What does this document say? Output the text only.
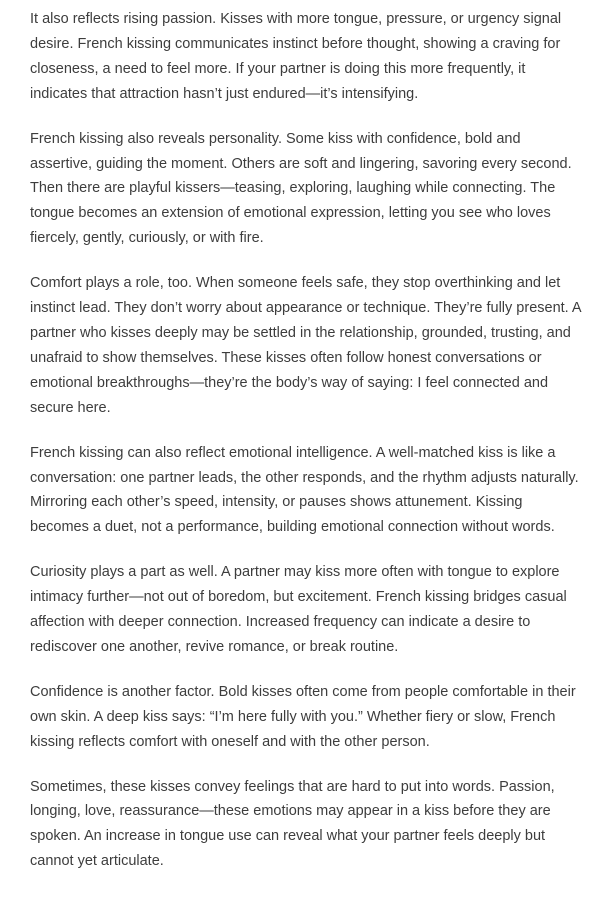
It also reflects rising passion. Kisses with more tongue, pressure, or urgency signal desire. French kissing communicates instinct before thought, showing a craving for closeness, a need to feel more. If your partner is doing this more frequently, it indicates that attraction hasn’t just endured—it’s intensifying.

French kissing also reveals personality. Some kiss with confidence, bold and assertive, guiding the moment. Others are soft and lingering, savoring every second. Then there are playful kissers—teasing, exploring, laughing while connecting. The tongue becomes an extension of emotional expression, letting you see who loves fiercely, gently, curiously, or with fire.

Comfort plays a role, too. When someone feels safe, they stop overthinking and let instinct lead. They don’t worry about appearance or technique. They’re fully present. A partner who kisses deeply may be settled in the relationship, grounded, trusting, and unafraid to show themselves. These kisses often follow honest conversations or emotional breakthroughs—they’re the body’s way of saying: I feel connected and secure here.

French kissing can also reflect emotional intelligence. A well-matched kiss is like a conversation: one partner leads, the other responds, and the rhythm adjusts naturally. Mirroring each other’s speed, intensity, or pauses shows attunement. Kissing becomes a duet, not a performance, building emotional connection without words.

Curiosity plays a part as well. A partner may kiss more often with tongue to explore intimacy further—not out of boredom, but excitement. French kissing bridges casual affection with deeper connection. Increased frequency can indicate a desire to rediscover one another, revive romance, or break routine.

Confidence is another factor. Bold kisses often come from people comfortable in their own skin. A deep kiss says: “I’m here fully with you.” Whether fiery or slow, French kissing reflects comfort with oneself and with the other person.

Sometimes, these kisses convey feelings that are hard to put into words. Passion, longing, love, reassurance—these emotions may appear in a kiss before they are spoken. An increase in tongue use can reveal what your partner feels deeply but cannot yet articulate.
